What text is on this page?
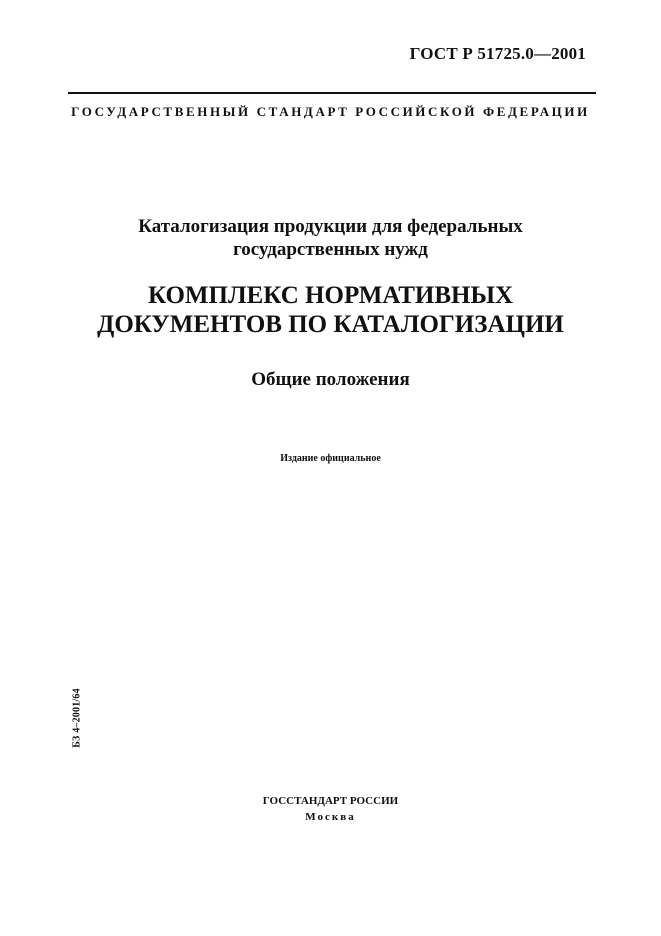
ГОСТ Р 51725.0—2001
ГОСУДАРСТВЕННЫЙ СТАНДАРТ РОССИЙСКОЙ ФЕДЕРАЦИИ
Каталогизация продукции для федеральных государственных нужд
КОМПЛЕКС НОРМАТИВНЫХ ДОКУМЕНТОВ ПО КАТАЛОГИЗАЦИИ
Общие положения
Издание официальное
БЗ 4–2001/64
ГОССТАНДАРТ РОССИИ
Москва
